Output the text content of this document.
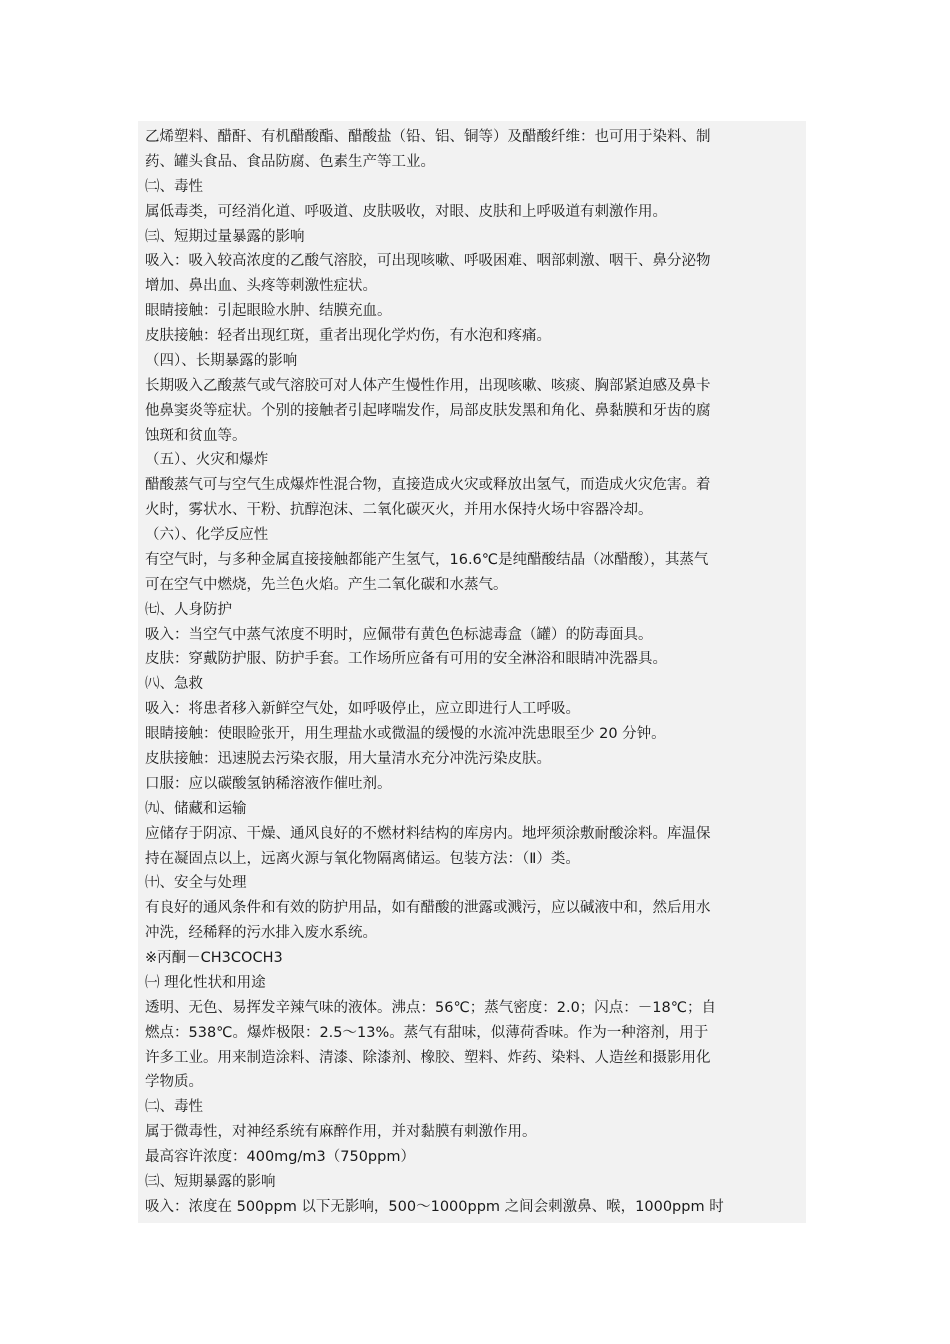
乙烯塑料、醋酐、有机醋酸酯、醋酸盐（铅、铝、铜等）及醋酸纤维：也可用于染料、制
药、罐头食品、食品防腐、色素生产等工业。
㈡、毒性
属低毒类，可经消化道、呼吸道、皮肤吸收，对眼、皮肤和上呼吸道有刺激作用。
㈢、短期过量暴露的影响
吸入：吸入较高浓度的乙酸气溶胶，可出现咳嗽、呼吸困难、咽部刺激、咽干、鼻分泌物
增加、鼻出血、头疼等刺激性症状。
眼睛接触：引起眼睑水肿、结膜充血。
皮肤接触：轻者出现红斑，重者出现化学灼伤，有水泡和疼痛。
（四）、长期暴露的影响
长期吸入乙酸蒸气或气溶胶可对人体产生慢性作用，出现咳嗽、咳痰、胸部紧迫感及鼻卡
他鼻窦炎等症状。个别的接触者引起哮喘发作，局部皮肤发黑和角化、鼻黏膜和牙齿的腐
蚀斑和贫血等。
（五）、火灾和爆炸
醋酸蒸气可与空气生成爆炸性混合物，直接造成火灾或释放出氢气，而造成火灾危害。着
火时，雾状水、干粉、抗醇泡沫、二氧化碳灭火，并用水保持火场中容器冷却。
（六）、化学反应性
有空气时，与多种金属直接接触都能产生氢气，16.6℃是纯醋酸结晶（冰醋酸），其蒸气
可在空气中燃烧，先兰色火焰。产生二氧化碳和水蒸气。
㈦、人身防护
吸入：当空气中蒸气浓度不明时，应佩带有黄色色标滤毒盒（罐）的防毒面具。
皮肤：穿戴防护服、防护手套。工作场所应备有可用的安全淋浴和眼睛冲洗器具。
㈧、急救
吸入：将患者移入新鲜空气处，如呼吸停止，应立即进行人工呼吸。
眼睛接触：使眼睑张开，用生理盐水或微温的缓慢的水流冲洗患眼至少 20 分钟。
皮肤接触：迅速脱去污染衣服，用大量清水充分冲洗污染皮肤。
口服：应以碳酸氢钠稀溶液作催吐剂。
㈨、储藏和运输
应储存于阴凉、干燥、通风良好的不燃材料结构的库房内。地坪须涂敷耐酸涂料。库温保
持在凝固点以上，远离火源与氧化物隔离储运。包装方法：（Ⅱ）类。
㈩、安全与处理
有良好的通风条件和有效的防护用品，如有醋酸的泄露或溅污，应以碱液中和，然后用水
冲洗，经稀释的污水排入废水系统。
※丙酮－CH3COCH3
㈠ 理化性状和用途
透明、无色、易挥发辛辣气味的液体。沸点：56℃；蒸气密度：2.0；闪点：－18℃；自
燃点：538℃。爆炸极限：2.5～13%。蒸气有甜味，似薄荷香味。作为一种溶剂，用于
许多工业。用来制造涂料、清漆、除漆剂、橡胶、塑料、炸药、染料、人造丝和摄影用化
学物质。
㈡、毒性
属于微毒性，对神经系统有麻醉作用，并对黏膜有刺激作用。
最高容许浓度：400mg/m3（750ppm）
㈢、短期暴露的影响
吸入：浓度在 500ppm 以下无影响，500～1000ppm 之间会刺激鼻、喉，1000ppm 时
